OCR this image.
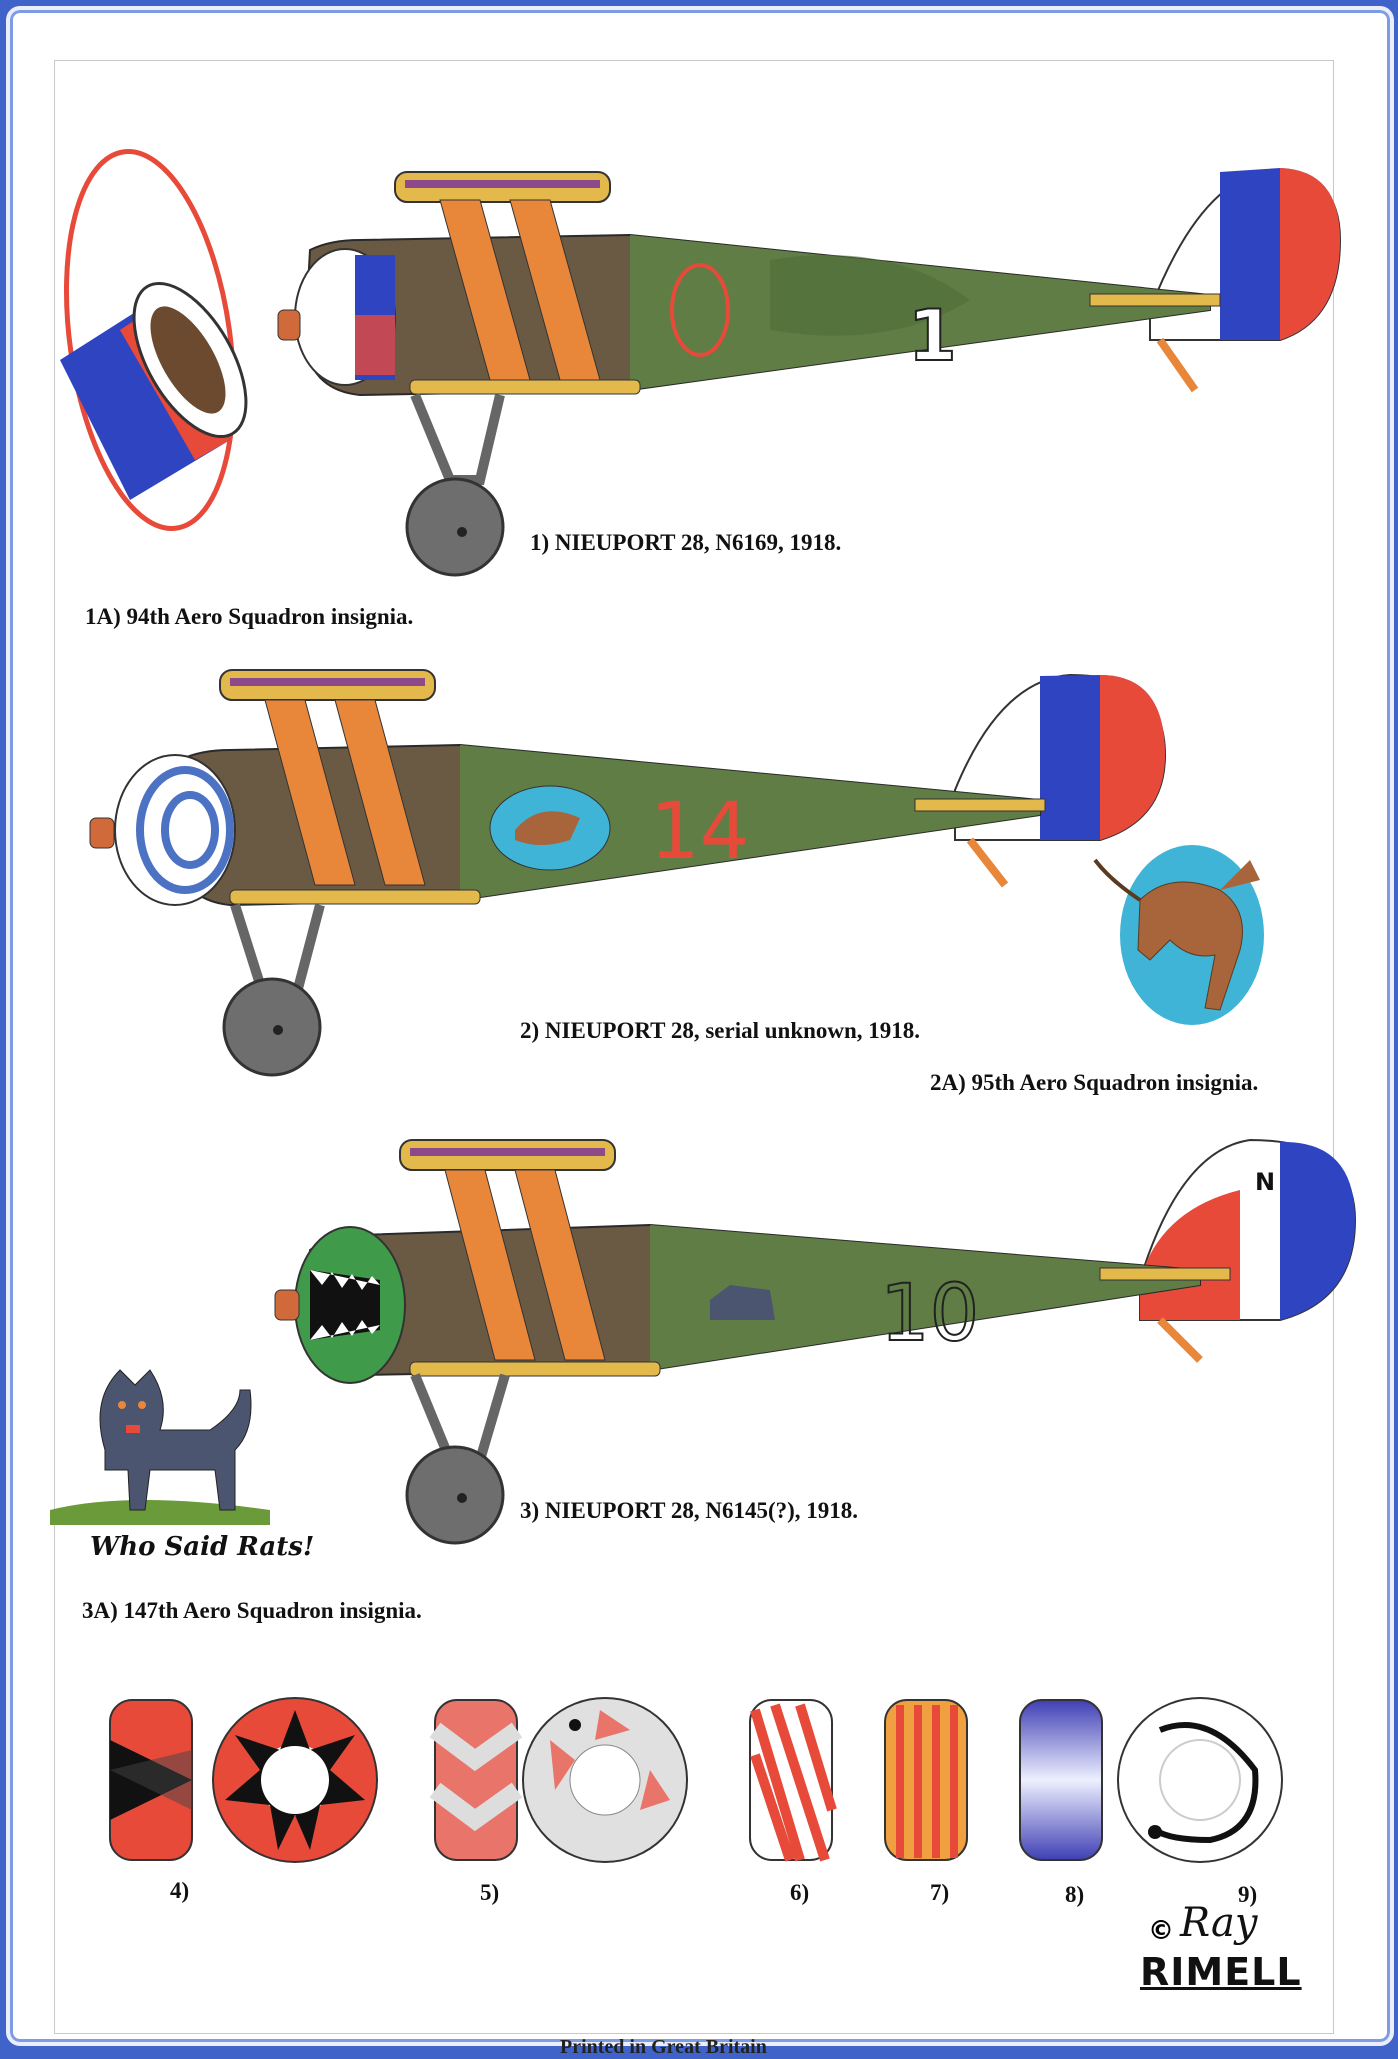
1
14
N
10
1) NIEUPORT 28, N6169, 1918.
1A) 94th Aero Squadron insignia.
2) NIEUPORT 28, serial unknown, 1918.
2A) 95th Aero Squadron insignia.
3) NIEUPORT 28, N6145(?), 1918.
3A) 147th Aero Squadron insignia.
Who Said Rats!
4)	5)	6)	7)	8)	9)
© Ray
RIMELL
Printed in Great Britain
